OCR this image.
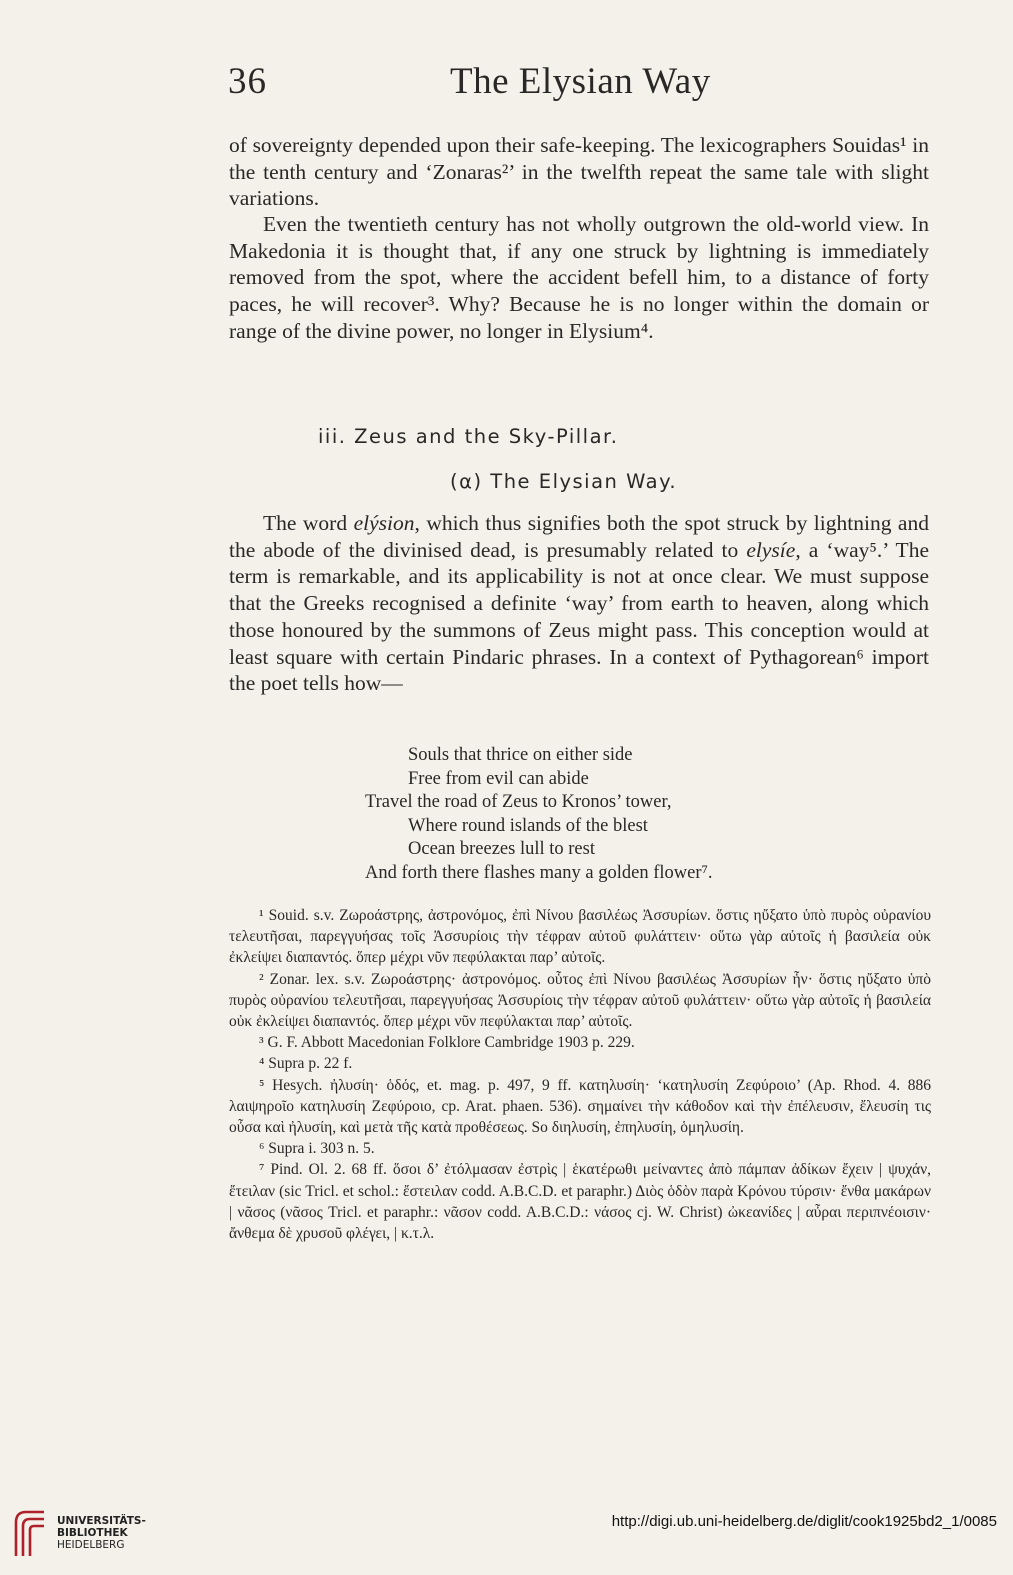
36	The Elysian Way

of sovereignty depended upon their safe-keeping. The lexicographers Souidas¹ in the tenth century and ‘Zonaras²’ in the twelfth repeat the same tale with slight variations.

Even the twentieth century has not wholly outgrown the old-world view. In Makedonia it is thought that, if any one struck by lightning is immediately removed from the spot, where the accident befell him, to a distance of forty paces, he will recover³. Why? Because he is no longer within the domain or range of the divine power, no longer in Elysium⁴.

iii. Zeus and the Sky-Pillar.
(α) The Elysian Way.

The word elýsion, which thus signifies both the spot struck by lightning and the abode of the divinised dead, is presumably related to elysíe, a ‘way⁵.’ The term is remarkable, and its applicability is not at once clear. We must suppose that the Greeks recognised a definite ‘way’ from earth to heaven, along which those honoured by the summons of Zeus might pass. This conception would at least square with certain Pindaric phrases. In a context of Pythagorean⁶ import the poet tells how—

Souls that thrice on either side
Free from evil can abide
Travel the road of Zeus to Kronos’ tower,
Where round islands of the blest
Ocean breezes lull to rest
And forth there flashes many a golden flower⁷.

¹ Souid. s.v. Ζωροάστρης, ἀστρονόμος, ἐπὶ Νίνου βασιλέως Ἀσσυρίων. ὅστις ηὔξατο ὑπὸ πυρὸς οὐρανίου τελευτῆσαι, παρεγγυήσας τοῖς Ἀσσυρίοις τὴν τέφραν αὐτοῦ φυλάττειν· οὕτω γὰρ αὐτοῖς ἡ βασιλεία οὐκ ἐκλείψει διαπαντός. ὅπερ μέχρι νῦν πεφύλακται παρ’ αὐτοῖς.

² Zonar. lex. s.v. Ζωροάστρης· ἀστρονόμος. οὗτος ἐπὶ Νίνου βασιλέως Ἀσσυρίων ἦν· ὅστις ηὔξατο ὑπὸ πυρὸς οὐρανίου τελευτῆσαι, παρεγγυήσας Ἀσσυρίοις τὴν τέφραν αὐτοῦ φυλάττειν· οὕτω γὰρ αὐτοῖς ἡ βασιλεία οὐκ ἐκλείψει διαπαντός. ὅπερ μέχρι νῦν πεφύλακται παρ’ αὐτοῖς.

³ G. F. Abbott Macedonian Folklore Cambridge 1903 p. 229.

⁴ Supra p. 22 f.

⁵ Hesych. ἠλυσίη· ὁδός, et. mag. p. 497, 9 ff. κατηλυσίη· ‘κατηλυσίη Ζεφύροιο’ (Ap. Rhod. 4. 886 λαιψηροῖο κατηλυσίη Ζεφύροιο, cp. Arat. phaen. 536). σημαίνει τὴν κάθοδον καὶ τὴν ἐπέλευσιν, ἔλευσίη τις οὖσα καὶ ἠλυσίη, καὶ μετὰ τῆς κατὰ προθέσεως. So διηλυσίη, ἐπηλυσίη, ὁμηλυσίη.

⁶ Supra i. 303 n. 5.

⁷ Pind. Ol. 2. 68 ff. ὅσοι δ’ ἐτόλμασαν ἐστρὶς | ἑκατέρωθι μείναντες ἀπὸ πάμπαν ἀδίκων ἔχειν | ψυχάν, ἔτειλαν (sic Tricl. et schol.: ἔστειλαν codd. A.B.C.D. et paraphr.) Διὸς ὁδὸν παρὰ Κρόνου τύρσιν· ἔνθα μακάρων | νᾶσος (νᾶσος Tricl. et paraphr.: νᾶσον codd. A.B.C.D.: νάσος cj. W. Christ) ὠκεανίδες | αὖραι περιπνέοισιν· ἄνθεμα δὲ χρυσοῦ φλέγει, | κ.τ.λ.

UNIVERSITÄTS-
BIBLIOTHEK
HEIDELBERG
http://digi.ub.uni-heidelberg.de/diglit/cook1925bd2_1/0085
